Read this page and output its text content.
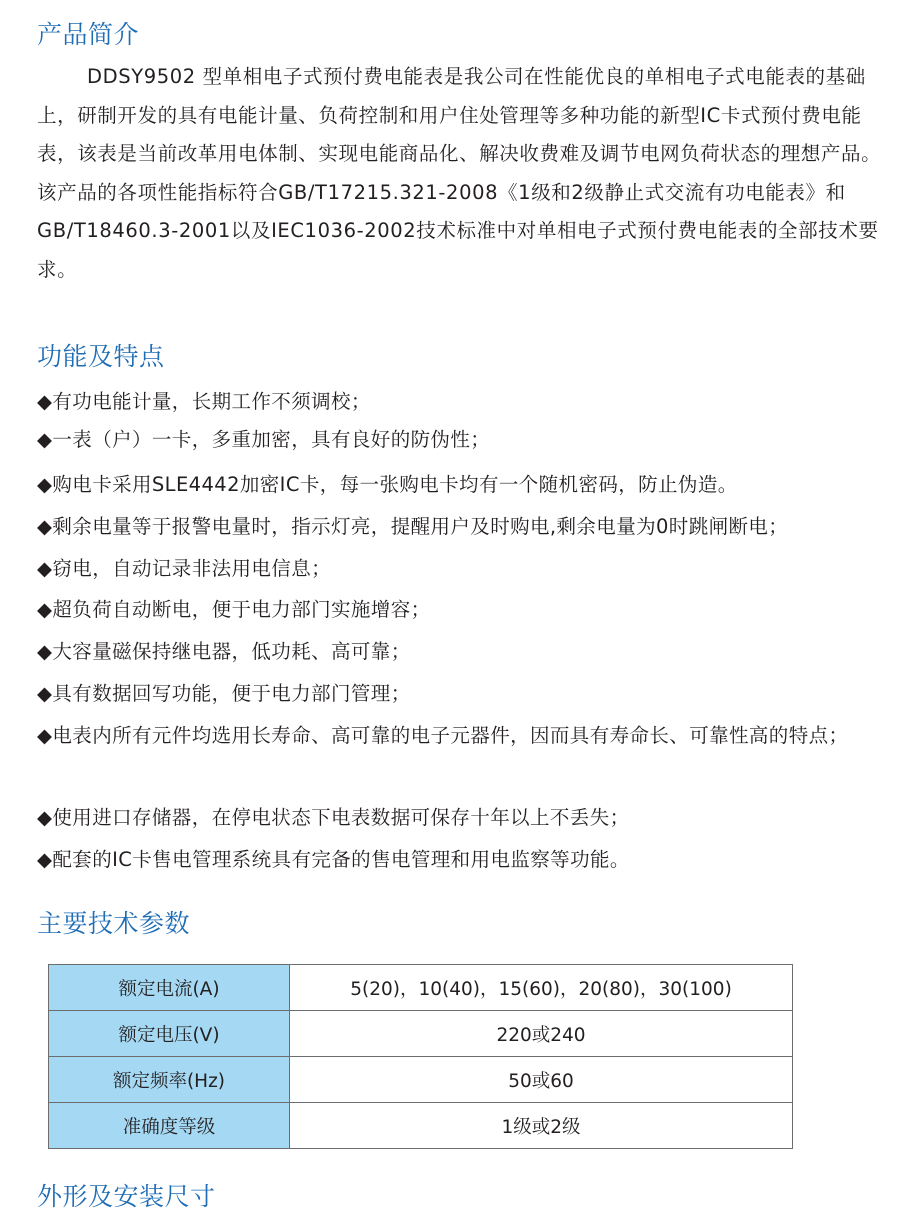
产品简介

DDSY9502 型单相电子式预付费电能表是我公司在性能优良的单相电子式电能表的基础上，研制开发的具有电能计量、负荷控制和用户住处管理等多种功能的新型IC卡式预付费电能表，该表是当前改革用电体制、实现电能商品化、解决收费难及调节电网负荷状态的理想产品。该产品的各项性能指标符合GB/T17215.321-2008《1级和2级静止式交流有功电能表》和GB/T18460.3-2001以及IEC1036-2002技术标准中对单相电子式预付费电能表的全部技术要求。

功能及特点

◆有功电能计量，长期工作不须调校；

◆一表（户）一卡，多重加密，具有良好的防伪性；

◆购电卡采用SLE4442加密IC卡，每一张购电卡均有一个随机密码，防止伪造。

◆剩余电量等于报警电量时，指示灯亮，提醒用户及时购电,剩余电量为0时跳闸断电；

◆窃电，自动记录非法用电信息；

◆超负荷自动断电，便于电力部门实施增容；

◆大容量磁保持继电器，低功耗、高可靠；

◆具有数据回写功能，便于电力部门管理；

◆电表内所有元件均选用长寿命、高可靠的电子元器件，因而具有寿命长、可靠性高的特点；

◆使用进口存储器，在停电状态下电表数据可保存十年以上不丢失；

◆配套的IC卡售电管理系统具有完备的售电管理和用电监察等功能。

主要技术参数
额定电流(A)	5(20)，10(40)，15(60)，20(80)，30(100)
额定电压(V)	220或240
额定频率(Hz)	50或60
准确度等级	1级或2级
外形及安装尺寸
